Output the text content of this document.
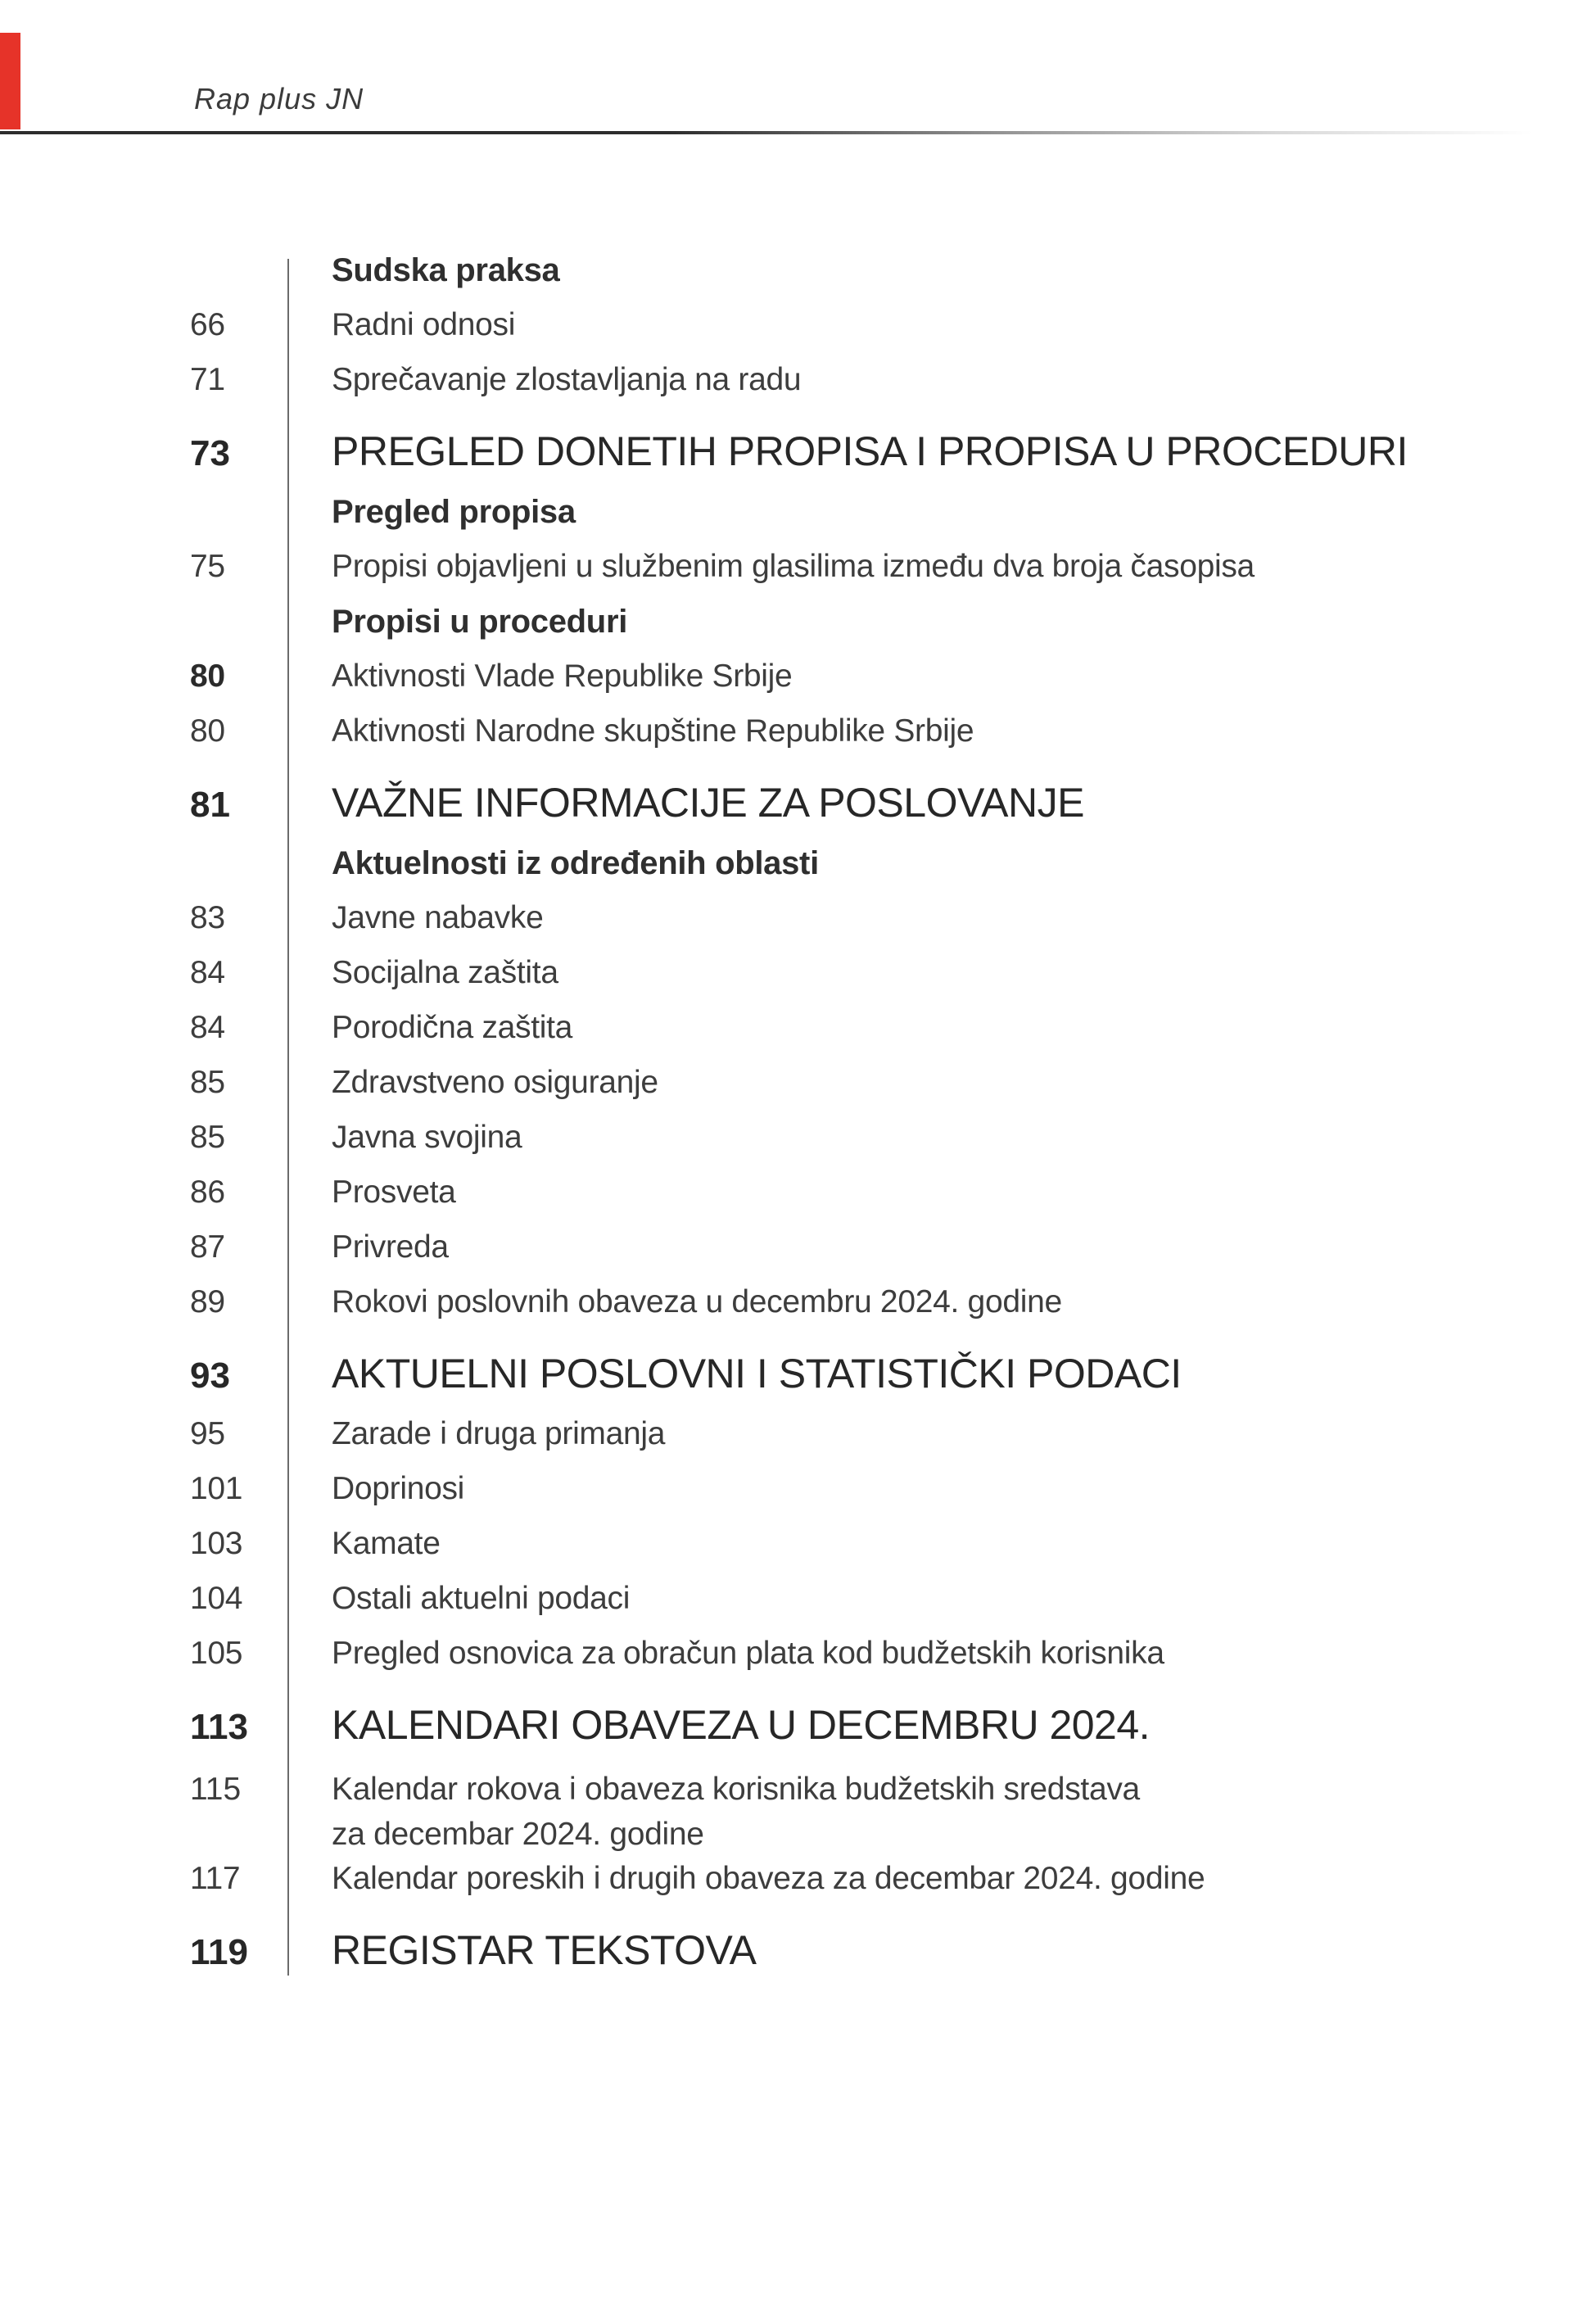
Rap plus JN
Sudska praksa
66	Radni odnosi
71	Sprečavanje zlostavljanja na radu
73	PREGLED DONETIH PROPISA I PROPISA U PROCEDURI
Pregled propisa
75	Propisi objavljeni u službenim glasilima između dva broja časopisa
Propisi u proceduri
80	Aktivnosti Vlade Republike Srbije
80	Aktivnosti Narodne skupštine Republike Srbije
81	VAŽNE INFORMACIJE ZA POSLOVANJE
Aktuelnosti iz određenih oblasti
83	Javne nabavke
84	Socijalna zaštita
84	Porodična zaštita
85	Zdravstveno osiguranje
85	Javna svojina
86	Prosveta
87	Privreda
89	Rokovi poslovnih obaveza u decembru 2024. godine
93	AKTUELNI POSLOVNI I STATISTIČKI PODACI
95	Zarade i druga primanja
101	Doprinosi
103	Kamate
104	Ostali aktuelni podaci
105	Pregled osnovica za obračun plata kod budžetskih korisnika
113	KALENDARI OBAVEZA U DECEMBRU 2024.
115	Kalendar rokova i obaveza korisnika budžetskih sredstava
za decembar 2024. godine
117	Kalendar poreskih i drugih obaveza za decembar 2024. godine
119	REGISTAR TEKSTOVA
